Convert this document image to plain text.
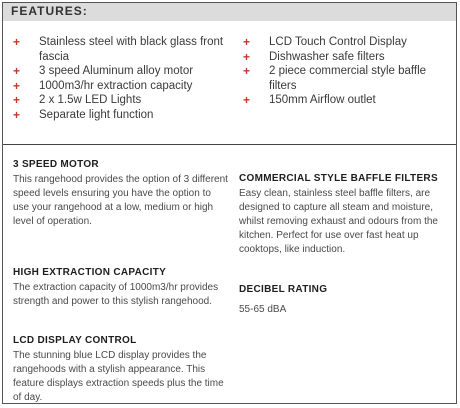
FEATURES:
+ Stainless steel with black glass front fascia
+ 3 speed Aluminum alloy motor
+ 1000m3/hr extraction capacity
+ 2 x 1.5w LED Lights
+ Separate light function
+ LCD Touch Control Display
+ Dishwasher safe filters
+ 2 piece commercial style baffle filters
+ 150mm Airflow outlet
3 SPEED MOTOR

This rangehood provides the option of 3 different speed levels ensuring you have the option to use your rangehood at a low, medium or high level of operation.

HIGH EXTRACTION CAPACITY

The extraction capacity of 1000m3/hr provides strength and power to this stylish rangehood.

LCD DISPLAY CONTROL

The stunning blue LCD display provides the rangehoods with a stylish appearance. This feature displays extraction speeds plus the time of day.

COMMERCIAL STYLE BAFFLE FILTERS

Easy clean, stainless steel baffle filters, are designed to capture all steam and moisture, whilst removing exhaust and odours from the kitchen. Perfect for use over fast heat up cooktops, like induction.

DECIBEL RATING

55-65 dBA
